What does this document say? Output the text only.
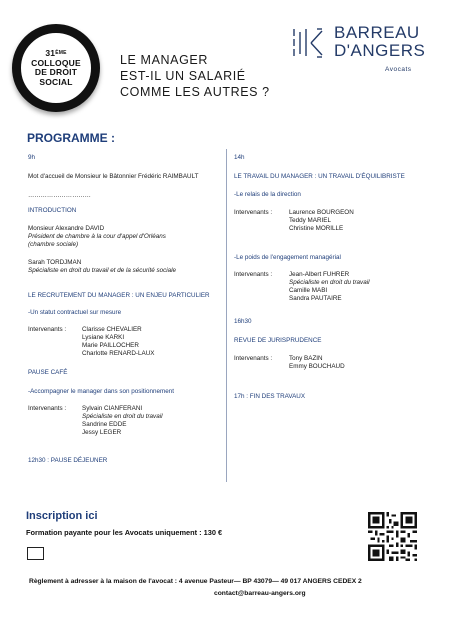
31ÈME
COLLOQUE
DE DROIT
SOCIAL
LE MANAGER
EST-IL UN SALARIÉ
COMME LES AUTRES ?
BARREAU
D'ANGERS
Avocats
PROGRAMME :
9h
Mot d'accueil de Monsieur le Bâtonnier Frédéric RAIMBAULT
…………………………
INTRODUCTION
Monsieur Alexandre DAVID
Président de chambre à la cour d'appel d'Orléans
(chambre sociale)
Sarah TORDJMAN
Spécialiste en droit du travail et de la sécurité sociale
LE RECRUTEMENT DU MANAGER : UN ENJEU PARTICULIER
-Un statut contractuel sur mesure
Intervenants :	Clarisse CHEVALIER
Lysiane KARKI
Marie PAILLOCHER
Charlotte RENARD-LAUX
PAUSE CAFÉ
-Accompagner le manager dans son positionnement
Intervenants :	Sylvain CIANFERANI
Spécialiste en droit du travail
Sandrine EDDE
Jessy LEGER
12h30 : PAUSE DÉJEUNER
14h
LE TRAVAIL DU MANAGER : UN TRAVAIL D'ÉQUILIBRISTE
-Le relais de la direction
Intervenants :	Laurence BOURGEON
Teddy MARIEL
Christine MORILLE
-Le poids de l'engagement managérial
Intervenants :	Jean-Albert FUHRER
Spécialiste en droit du travail
Camille MABI
Sandra PAUTAIRE
16h30
REVUE DE JURISPRUDENCE
Intervenants :	Tony BAZIN
Emmy BOUCHAUD
17h : FIN DES TRAVAUX
Inscription ici
Formation payante pour les Avocats uniquement : 130 €
Règlement à adresser à la maison de l'avocat : 4 avenue Pasteur— BP 43079— 49 017 ANGERS CEDEX 2
contact@barreau-angers.org
